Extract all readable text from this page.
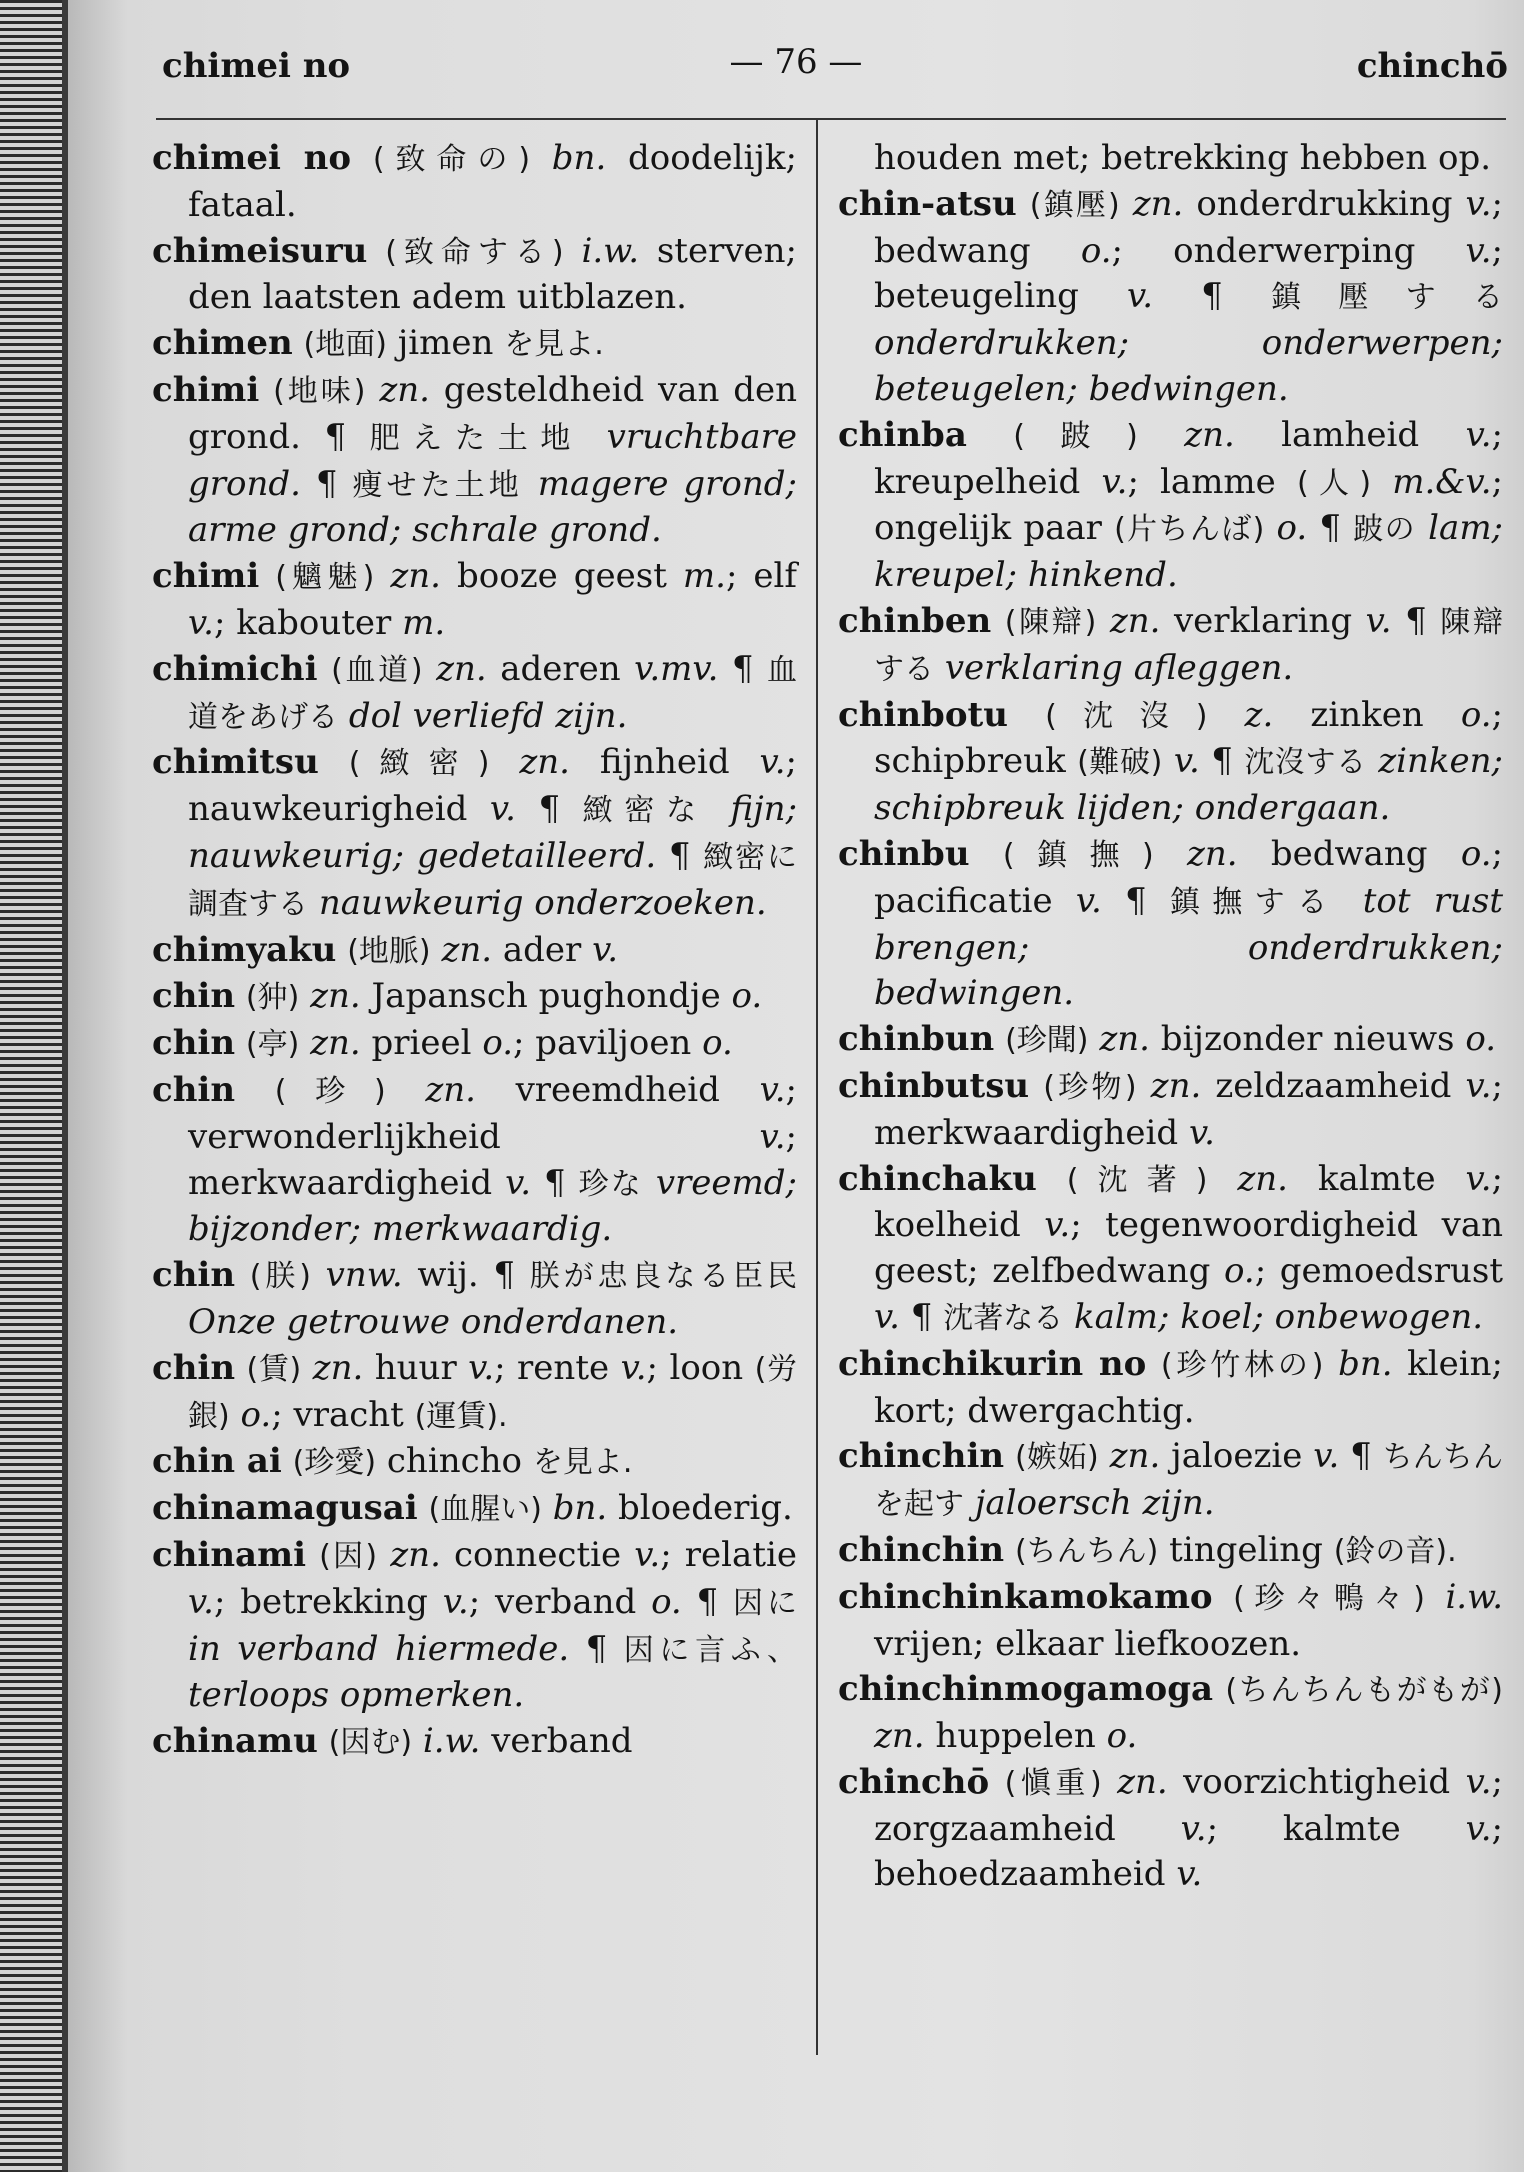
chimei no	— 76 —	chinchō

chimei no (致命の) bn. doodelijk; fataal.

chimeisuru (致命する) i.w. sterven; den laatsten adem uitblazen.

chimen (地面) jimen を見よ.

chimi (地味) zn. gesteldheid van den grond. ¶ 肥えた土地 vruchtbare grond. ¶ 痩せた土地 magere grond; arme grond; schrale grond.

chimi (魑魅) zn. booze geest m.; elf v.; kabouter m.

chimichi (血道) zn. aderen v.mv. ¶ 血道をあげる dol verliefd zijn.

chimitsu (緻密) zn. fijnheid v.; nauwkeurigheid v. ¶ 緻密な fijn; nauwkeurig; gedetailleerd. ¶ 緻密に調査する nauwkeurig onderzoeken.

chimyaku (地脈) zn. ader v.

chin (狆) zn. Japansch pughondje o.

chin (亭) zn. prieel o.; paviljoen o.

chin (珍) zn. vreemdheid v.; verwonderlijkheid v.; merkwaardigheid v. ¶ 珍な vreemd; bijzonder; merkwaardig.

chin (朕) vnw. wij. ¶ 朕が忠良なる臣民 Onze getrouwe onderdanen.

chin (賃) zn. huur v.; rente v.; loon (労銀) o.; vracht (運賃).

chin ai (珍愛) chincho を見よ.

chinamagusai (血腥い) bn. bloederig.

chinami (因) zn. connectie v.; relatie v.; betrekking v.; verband o. ¶ 因に in verband hiermede. ¶ 因に言ふ、 terloops opmerken.

chinamu (因む) i.w. verband

houden met; betrekking hebben op.

chin-atsu (鎮壓) zn. onderdrukking v.; bedwang o.; onderwerping v.; beteugeling v. ¶ 鎮壓する onderdrukken; onderwerpen; beteugelen; bedwingen.

chinba (跛) zn. lamheid v.; kreupelheid v.; lamme (人) m.&v.; ongelijk paar (片ちんば) o. ¶ 跛の lam; kreupel; hinkend.

chinben (陳辯) zn. verklaring v. ¶ 陳辯する verklaring afleggen.

chinbotu (沈沒) z. zinken o.; schipbreuk (難破) v. ¶ 沈沒する zinken; schipbreuk lijden; ondergaan.

chinbu (鎮撫) zn. bedwang o.; pacificatie v. ¶ 鎮撫する tot rust brengen; onderdrukken; bedwingen.

chinbun (珍聞) zn. bijzonder nieuws o.

chinbutsu (珍物) zn. zeldzaamheid v.; merkwaardigheid v.

chinchaku (沈著) zn. kalmte v.; koelheid v.; tegenwoordigheid van geest; zelfbedwang o.; gemoedsrust v. ¶ 沈著なる kalm; koel; onbewogen.

chinchikurin no (珍竹林の) bn. klein; kort; dwergachtig.

chinchin (嫉妬) zn. jaloezie v. ¶ ちんちんを起す jaloersch zijn.

chinchin (ちんちん) tingeling (鈴の音).

chinchinkamokamo (珍々鴨々) i.w. vrijen; elkaar liefkoozen.

chinchinmogamoga (ちんちんもがもが) zn. huppelen o.

chinchō (愼重) zn. voorzichtigheid v.; zorgzaamheid v.; kalmte v.; behoedzaamheid v.
